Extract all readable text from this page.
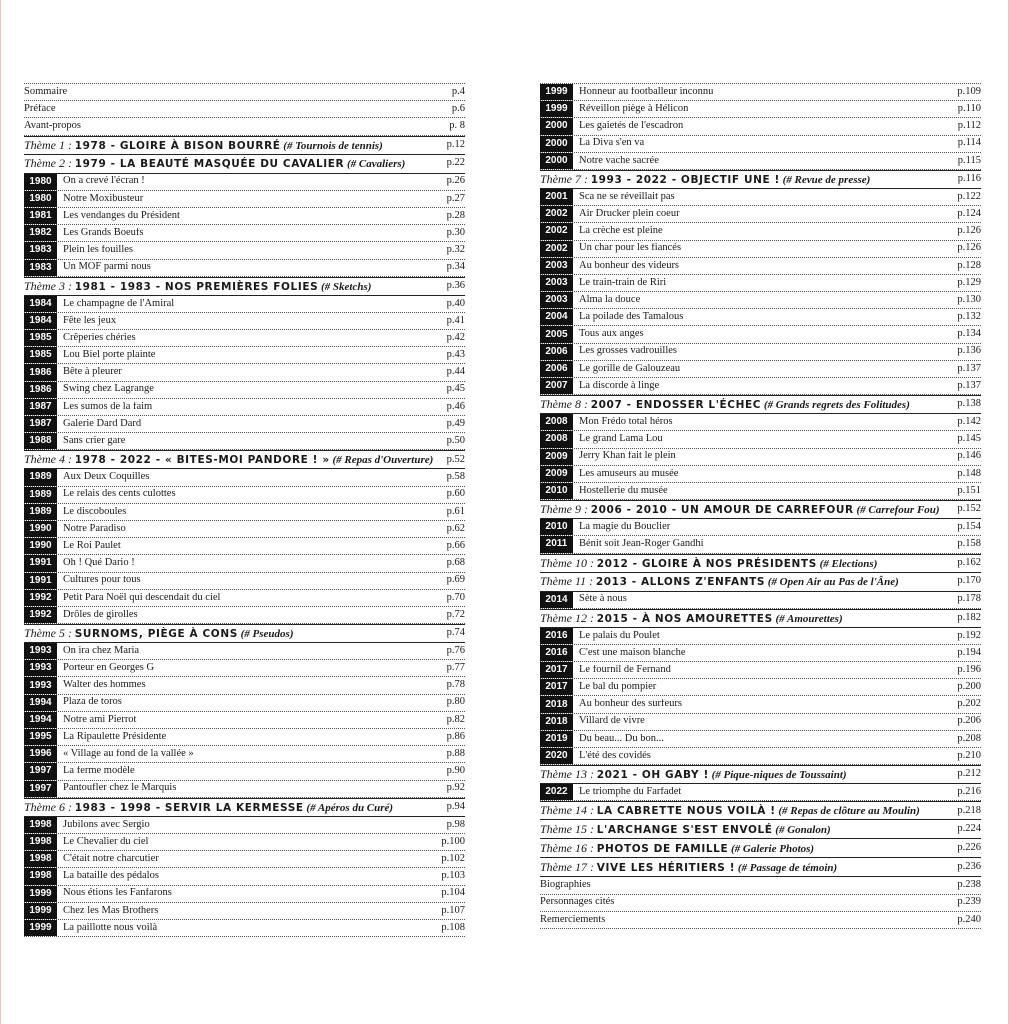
Sommaire	p.4
Préface	p.6
Avant-propos	p. 8
Thème 1 : 1978 - GLOIRE À BISON BOURRÉ (# Tournois de tennis)	p.12
Thème 2 : 1979 - LA BEAUTÉ MASQUÉE DU CAVALIER (# Cavaliers)	p.22
1980	On a crevé l'écran !	p.26
1980	Notre Moxibusteur	p.27
1981	Les vendanges du Président	p.28
1982	Les Grands Boeufs	p.30
1983	Plein les fouilles	p.32
1983	Un MOF parmi nous	p.34
Thème 3 : 1981 - 1983 - NOS PREMIÈRES FOLIES (# Sketchs)	p.36
1984	Le champagne de l'Amiral	p.40
1984	Fête les jeux	p.41
1985	Crêperies chéries	p.42
1985	Lou Biel porte plainte	p.43
1986	Bête à pleurer	p.44
1986	Swing chez Lagrange	p.45
1987	Les sumos de la faim	p.46
1987	Galerie Dard Dard	p.49
1988	Sans crier gare	p.50
Thème 4 : 1978 - 2022 - « BITES-MOI PANDORE ! » (# Repas d'Ouverture)	p.52
1989	Aux Deux Coquilles	p.58
1989	Le relais des cents culottes	p.60
1989	Le discoboules	p.61
1990	Notre Paradiso	p.62
1990	Le Roi Paulet	p.66
1991	Oh ! Qué Dario !	p.68
1991	Cultures pour tous	p.69
1992	Petit Para Noël qui descendait du ciel	p.70
1992	Drôles de girolles	p.72
Thème 5 : SURNOMS, PIÈGE À CONS (# Pseudos)	p.74
1993	On ira chez Maria	p.76
1993	Porteur en Georges G	p.77
1993	Walter des hommes	p.78
1994	Plaza de toros	p.80
1994	Notre ami Pierrot	p.82
1995	La Ripaulette Présidente	p.86
1996	« Village au fond de la vallée »	p.88
1997	La ferme modèle	p.90
1997	Pantoufler chez le Marquis	p.92
Thème 6 : 1983 - 1998 - SERVIR LA KERMESSE (# Apéros du Curé)	p.94
1998	Jubilons avec Sergio	p.98
1998	Le Chevalier du ciel	p.100
1998	C'était notre charcutier	p.102
1998	La bataille des pédalos	p.103
1999	Nous étions les Fanfarons	p.104
1999	Chez les Mas Brothers	p.107
1999	La paillotte nous voilà	p.108
1999	Honneur au footballeur inconnu	p.109
1999	Réveillon piège à Hélicon	p.110
2000	Les gaietés de l'escadron	p.112
2000	La Diva s'en va	p.114
2000	Notre vache sacrée	p.115
Thème 7 : 1993 - 2022 - OBJECTIF UNE ! (# Revue de presse)	p.116
2001	Sca ne se réveillait pas	p.122
2002	Air Drucker plein coeur	p.124
2002	La crèche est pleine	p.126
2002	Un char pour les fiancés	p.126
2003	Au bonheur des videurs	p.128
2003	Le train-train de Riri	p.129
2003	Alma la douce	p.130
2004	La poilade des Tamalous	p.132
2005	Tous aux anges	p.134
2006	Les grosses vadrouilles	p.136
2006	Le gorille de Galouzeau	p.137
2007	La discorde à linge	p.137
Thème 8 : 2007 - ENDOSSER L'ÉCHEC (# Grands regrets des Folitudes)	p.138
2008	Mon Frédo total héros	p.142
2008	Le grand Lama Lou	p.145
2009	Jerry Khan fait le plein	p.146
2009	Les amuseurs au musée	p.148
2010	Hostellerie du musée	p.151
Thème 9 : 2006 - 2010 - UN AMOUR DE CARREFOUR (# Carrefour Fou)	p.152
2010	La magie du Bouclier	p.154
2011	Bénit soit Jean-Roger Gandhi	p.158
Thème 10 : 2012 - GLOIRE À NOS PRÉSIDENTS (# Elections)	p.162
Thème 11 : 2013 - ALLONS Z'ENFANTS (# Open Air au Pas de l'Âne)	p.170
2014	Sète à nous	p.178
Thème 12 : 2015 - À NOS AMOURETTES (# Amourettes)	p.182
2016	Le palais du Poulet	p.192
2016	C'est une maison blanche	p.194
2017	Le fournil de Fernand	p.196
2017	Le bal du pompier	p.200
2018	Au bonheur des surfeurs	p.202
2018	Villard de vivre	p.206
2019	Du beau... Du bon...	p.208
2020	L'été des covidés	p.210
Thème 13 : 2021 - OH GABY ! (# Pique-niques de Toussaint)	p.212
2022	Le triomphe du Farfadet	p.216
Thème 14 : LA CABRETTE NOUS VOILÀ ! (# Repas de clôture au Moulin)	p.218
Thème 15 : L'ARCHANGE S'EST ENVOLÉ (# Gonalon)	p.224
Thème 16 : PHOTOS DE FAMILLE (# Galerie Photos)	p.226
Thème 17 : VIVE LES HÉRITIERS ! (# Passage de témoin)	p.236
Biographies	p.238
Personnages cités	p.239
Remerciements	p.240
